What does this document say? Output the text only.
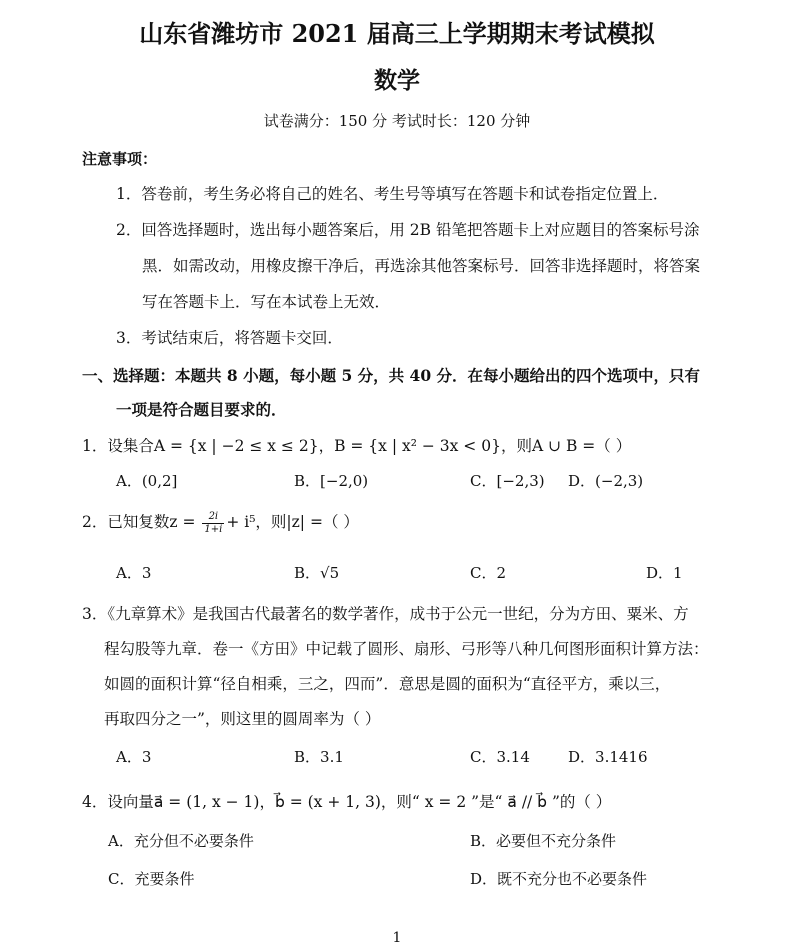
山东省潍坊市 2021 届高三上学期期末考试模拟
数学
试卷满分：150 分 考试时长：120 分钟
注意事项：
1．答卷前，考生务必将自己的姓名、考生号等填写在答题卡和试卷指定位置上．
2．回答选择题时，选出每小题答案后，用 2B 铅笔把答题卡上对应题目的答案标号涂
黑．如需改动，用橡皮擦干净后，再选涂其他答案标号．回答非选择题时，将答案
写在答题卡上．写在本试卷上无效．
3．考试结束后，将答题卡交回．
一、选择题：本题共 8 小题，每小题 5 分，共 40 分．在每小题给出的四个选项中，只有
一项是符合题目要求的．
1．设集合A = {x | −2 ≤ x ≤ 2}，B = {x | x² − 3x < 0}，则A ∪ B =（ ）
A．(0,2]	B．[−2,0)	C．[−2,3) D．(−2,3)
2．已知复数$z = \frac{2i}{1+i} + i^5$，则|z| =（ ）
A．3	B．√5	C．2	D．1
3．《九章算术》是我国古代最著名的数学著作，成书于公元一世纪，分为方田、粟米、方
程勾股等九章．卷一《方田》中记载了圆形、扇形、弓形等八种几何图形面积计算方法：
如圆的面积计算“径自相乘，三之，四而”．意思是圆的面积为“直径平方，乘以三，
再取四分之一”，则这里的圆周率为（ ）
A．3	B．3.1	C．3.14	D．3.1416
4．设向量a⃗ = (1, x − 1)，b⃗ = (x + 1, 3)，则“ x = 2 ”是“ a⃗ // b⃗ ”的（ ）
A．充分但不必要条件	B．必要但不充分条件
C．充要条件	D．既不充分也不必要条件
1
